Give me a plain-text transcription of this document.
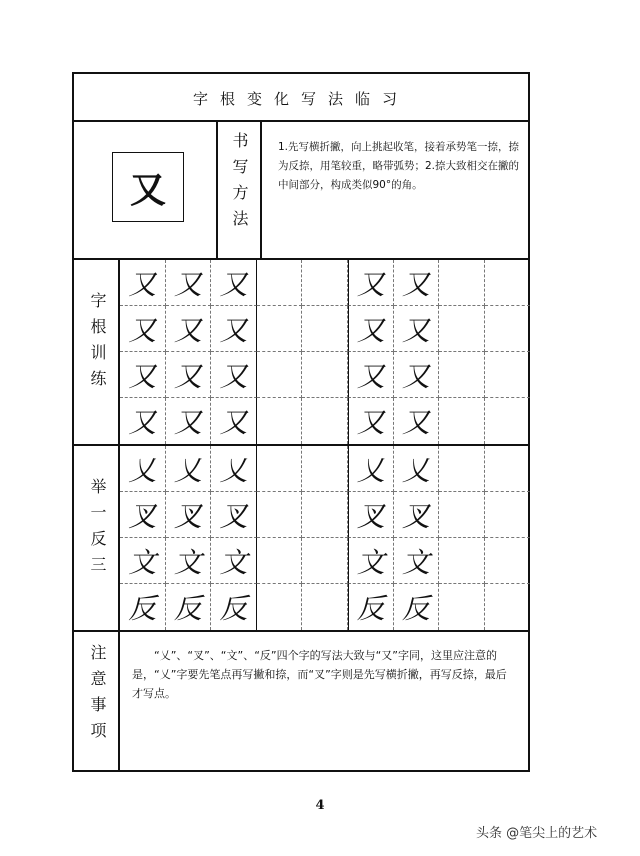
字根变化写法临习
又	书写方法	1.先写横折撇，向上挑起收笔，接着承势笔一捺，捺为反捺，用笔较重，略带弧势；2.捺大致相交在撇的中间部分，构成类似90°的角。
字根训练
又 又 又	又 又
又 又 又	又 又
又 又 又	又 又
又 又 又	又 又
举一反三
乂 乂 乂	乂 乂
叉 叉 叉	叉 叉
文 文 文	文 文
反 反 反	反 反
注意事项	“乂”、“叉”、“文”、“反”四个字的写法大致与“又”字同，这里应注意的是，“乂”字要先笔点再写撇和捺，而“叉”字则是先写横折撇，再写反捺，最后才写点。
4
头条 @笔尖上的艺术
